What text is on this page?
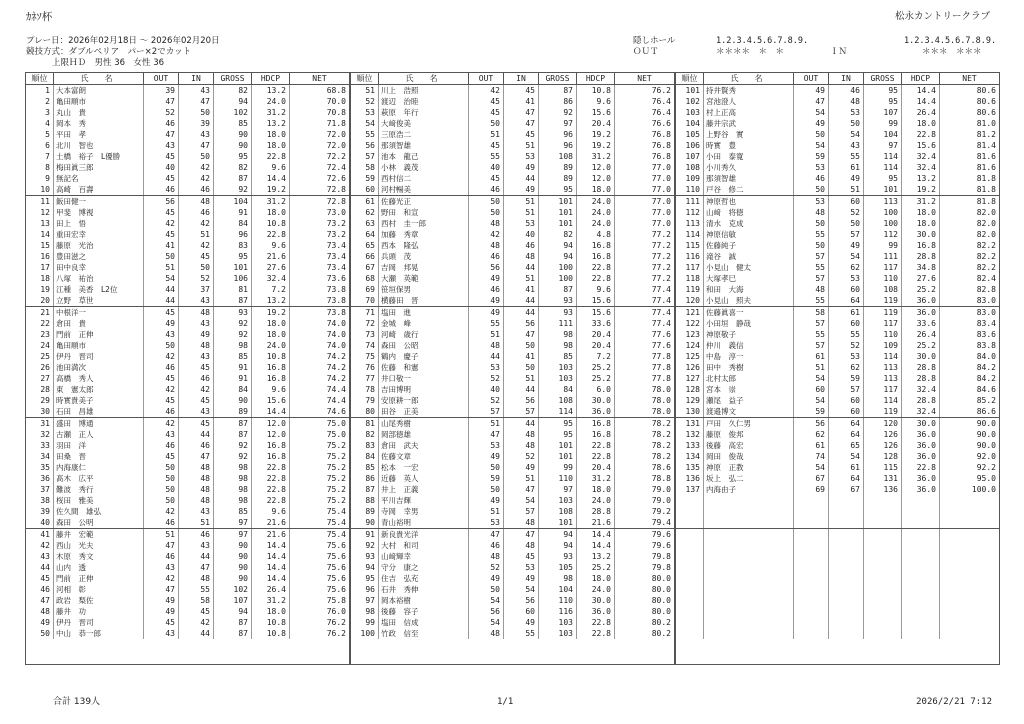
ｶﾈｿ杯	松永カントリークラブ
プレー日：2026年02月18日 ～ 2026年02月20日
競技方式：ダブルペリア　パー×2でカット
上限ＨＤ　男性 36　女性 36
隠しホール
ＯＵＴ
1.2.3.4.5.6.7.8.9.
＊＊＊＊　＊　＊	ＩＮ
1.2.3.4.5.6.7.8.9.
＊＊＊　＊＊＊
順位	氏　名	OUT	IN	GROSS	HDCP	NET
1 大本富朗	39	43	82	13.2	68.8
2 亀田順市	47	47	94	24.0	70.0
3 丸山　貴	52	50	102	31.2	70.8
4 岡本　秀	46	39	85	13.2	71.8
5 平田　孝	47	43	90	18.0	72.0
6 北川　智也	43	47	90	18.0	72.0
7 土橋　裕子　L優勝	45	50	95	22.8	72.2
8 梅田眞三郎	40	42	82	9.6	72.4
9 無記名	45	42	87	14.4	72.6
10 高崎　百壽	46	46	92	19.2	72.8
11 飯田健一	56	48	104	31.2	72.8
12 甲斐　博視	45	46	91	18.0	73.0
13 田上　悟	42	42	84	10.8	73.2
14 重田宏幸	45	51	96	22.8	73.2
15 藤原　光治	41	42	83	9.6	73.4
16 豊田滋之	50	45	95	21.6	73.4
17 田中良幸	51	50	101	27.6	73.4
18 八塚　祐治	54	52	106	32.4	73.6
19 江種　美香　L2位	44	37	81	7.2	73.8
20 立野　草世	44	43	87	13.2	73.8
21 中根洋一	45	48	93	19.2	73.8
22 倉田　貴	49	43	92	18.0	74.0
23 門前　正伸	43	49	92	18.0	74.0
24 亀田順市	50	48	98	24.0	74.0
25 伊丹　晋司	42	43	85	10.8	74.2
26 池田満次	46	45	91	16.8	74.2
27 高橋　秀人	45	46	91	16.8	74.2
28 東　憲太郎	42	42	84	9.6	74.4
29 時實貴美子	45	45	90	15.6	74.4
30 石田　昌雄	46	43	89	14.4	74.6
31 盛田　博通	42	45	87	12.0	75.0
32 古瀬　正人	43	44	87	12.0	75.0
33 羽田　洋	46	46	92	16.8	75.2
34 田桑　晋	45	47	92	16.8	75.2
35 内海康仁	50	48	98	22.8	75.2
36 髙木　広平	50	48	98	22.8	75.2
37 難波　秀行	50	48	98	22.8	75.2
38 桜田　雅美	50	48	98	22.8	75.2
39 佐久間　雄弘	42	43	85	9.6	75.4
40 森田　公明	46	51	97	21.6	75.4
41 藤井　宏範	51	46	97	21.6	75.4
42 西山　光夫	47	43	90	14.4	75.6
43 木原　秀文	46	44	90	14.4	75.6
44 山内　透	43	47	90	14.4	75.6
45 門前　正伸	42	48	90	14.4	75.6
46 河相　彰	47	55	102	26.4	75.6
47 政岩　梨佐	49	58	107	31.2	75.8
48 藤井　功	49	45	94	18.0	76.0
49 伊丹　晋司	45	42	87	10.8	76.2
50 中山　恭一郎	43	44	87	10.8	76.2
順位	氏　名	OUT	IN	GROSS	HDCP	NET
51 川上　浩照	42	45	87	10.8	76.2
52 渡辺　治睦	45	41	86	9.6	76.4
53 萩原　年行	45	47	92	15.6	76.4
54 大﨑俊美	50	47	97	20.4	76.6
55 三原浩二	51	45	96	19.2	76.8
56 那須智雄	45	51	96	19.2	76.8
57 池本　龍己	55	53	108	31.2	76.8
58 小林　義茂	40	49	89	12.0	77.0
59 西村信二	45	44	89	12.0	77.0
60 河村暢美	46	49	95	18.0	77.0
61 佐藤光正	50	51	101	24.0	77.0
62 野田　和宣	50	51	101	24.0	77.0
63 西村　圭一郎	48	53	101	24.0	77.0
64 加藤　秀章	42	40	82	4.8	77.2
65 西本　隆弘	48	46	94	16.8	77.2
66 兵頭　茂	46	48	94	16.8	77.2
67 吉岡　邦晃	56	44	100	22.8	77.2
68 大瀬　英範	49	51	100	22.8	77.2
69 笹垣保男	46	41	87	9.6	77.4
70 横藤田　晋	49	44	93	15.6	77.4
71 塩田　進	49	44	93	15.6	77.4
72 金城　峰	55	56	111	33.6	77.4
73 河崎　歳行	51	47	98	20.4	77.6
74 森田　公昭	48	50	98	20.4	77.6
75 鶴内　慶子	44	41	85	7.2	77.8
76 佐藤　和憲	53	50	103	25.2	77.8
77 井口敬一	52	51	103	25.2	77.8
78 吉田博明	40	44	84	6.0	78.0
79 安原耕一郎	52	56	108	30.0	78.0
80 田谷　正美	57	57	114	36.0	78.0
81 山尾秀樹	51	44	95	16.8	78.2
82 岡部徳雄	47	48	95	16.8	78.2
83 倉田　武夫	53	48	101	22.8	78.2
84 佐藤文章	49	52	101	22.8	78.2
85 松本　一宏	50	49	99	20.4	78.6
86 近藤　英人	59	51	110	31.2	78.8
87 井上　正義	50	47	97	18.0	79.0
88 平川吉輝	49	54	103	24.0	79.0
89 寺岡　幸男	51	57	108	28.8	79.2
90 青山裕明	53	48	101	21.6	79.4
91 新良貴光洋	47	47	94	14.4	79.6
92 大村　和司	46	48	94	14.4	79.6
93 山﨑輝幸	48	45	93	13.2	79.8
94 守分　康之	52	53	105	25.2	79.8
95 住吉　弘充	49	49	98	18.0	80.0
96 石井　秀伸	50	54	104	24.0	80.0
97 岡本裕樹	54	56	110	30.0	80.0
98 後藤　容子	56	60	116	36.0	80.0
99 塩田　信成	54	49	103	22.8	80.2
100 竹政　信至	48	55	103	22.8	80.2
順位	氏　名	OUT	IN	GROSS	HDCP	NET
101 持井賢秀	49	46	95	14.4	80.6
102 宮池澄人	47	48	95	14.4	80.6
103 村上正高	54	53	107	26.4	80.6
104 藤井宗武	49	50	99	18.0	81.0
105 上野谷　實	50	54	104	22.8	81.2
106 時實　豊	54	43	97	15.6	81.4
107 小田　泰寛	59	55	114	32.4	81.6
108 小川秀久	53	61	114	32.4	81.6
109 那須智雄	46	49	95	13.2	81.8
110 戸谷　修二	50	51	101	19.2	81.8
111 神原哲也	53	60	113	31.2	81.8
112 山﨑　将徳	48	52	100	18.0	82.0
113 清水　克成	50	50	100	18.0	82.0
114 神原信敏	55	57	112	30.0	82.0
115 佐藤純子	50	49	99	16.8	82.2
116 滝谷　誠	57	54	111	28.8	82.2
117 小見山　健太	55	62	117	34.8	82.2
118 大塚孝巳	57	53	110	27.6	82.4
119 和田　大海	48	60	108	25.2	82.8
120 小見山　照夫	55	64	119	36.0	83.0
121 佐藤眞喜一	58	61	119	36.0	83.0
122 小田垣　静哉	57	60	117	33.6	83.4
123 神原敬子	55	55	110	26.4	83.6
124 仲川　義信	57	52	109	25.2	83.8
125 中島　淳一	61	53	114	30.0	84.0
126 田中　秀樹	51	62	113	28.8	84.2
127 北村太郎	54	59	113	28.8	84.2
128 宮本　崇	60	57	117	32.4	84.6
129 瀬尾　益子	54	60	114	28.8	85.2
130 渡邉博文	59	60	119	32.4	86.6
131 戸田　久仁男	56	64	120	30.0	90.0
132 藤原　俊邦	62	64	126	36.0	90.0
133 後藤　高宏	61	65	126	36.0	90.0
134 岡田　俊哉	74	54	128	36.0	92.0
135 神原　正教	54	61	115	22.8	92.2
136 坂上　弘二	67	64	131	36.0	95.0
137 内海由子	69	67	136	36.0	100.0
合計 139人	1/1	2026/2/21 7:12
